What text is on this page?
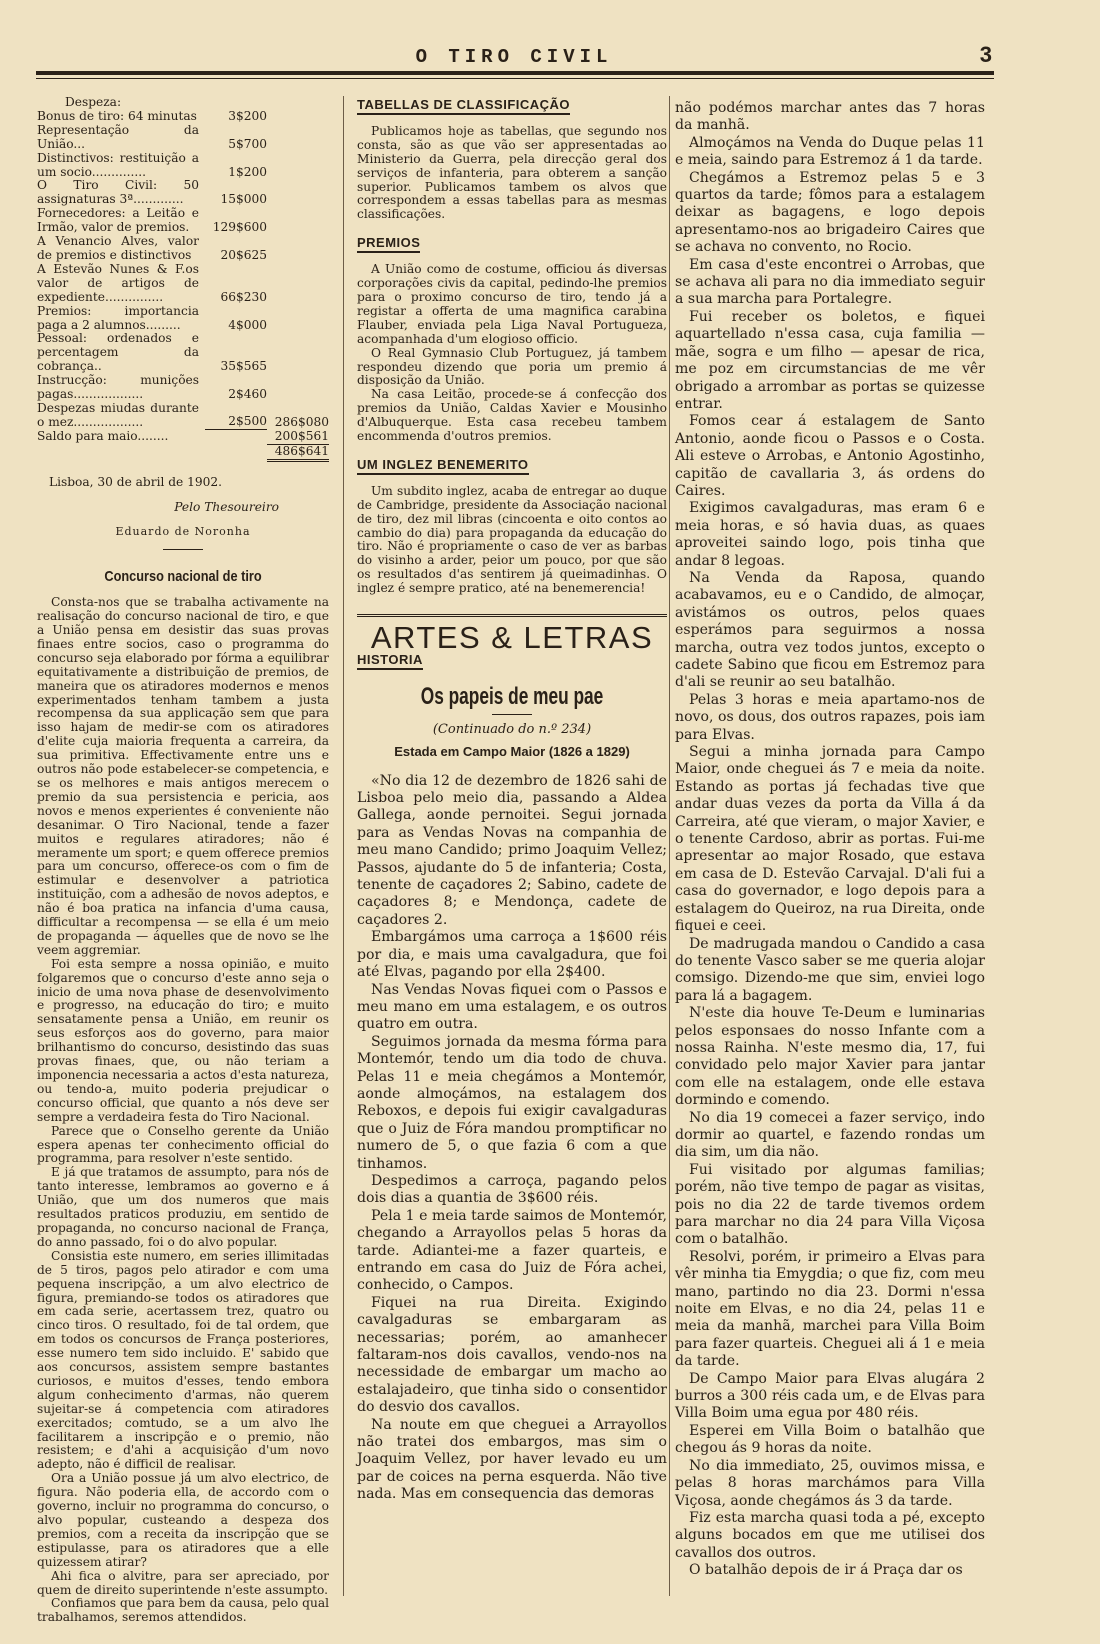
O TIRO CIVIL	3
Despeza:
Bonus de tiro: 64 minutas	3$200	
Representação da União...	5$700	
Distinctivos: restituição a um socio..............	1$200	
O Tiro Civil: 50 assignaturas 3ª.............	15$000	
Fornecedores: a Leitão e Irmão, valor de premios.	129$600	
A Venancio Alves, valor de premios e distinctivos	20$625	
A Estevão Nunes & F.os valor de artigos de expediente...............	66$230	
Premios: importancia paga a 2 alumnos.........	4$000	
Pessoal: ordenados e percentagem da cobrança..	35$565	
Instrucção: munições pagas..................	2$460	
Despezas miudas durante o mez..................	2$500	286$080
Saldo para maio........		200$561
		486$641
Lisboa, 30 de abril de 1902.
Pelo Thesoureiro
Eduardo de Noronha
Concurso nacional de tiro

Consta-nos que se trabalha activamente na realisação do concurso nacional de tiro, e que a União pensa em desistir das suas provas finaes entre socios, caso o programma do concurso seja elaborado por fórma a equilibrar equitativamente a distribuição de premios, de maneira que os atiradores modernos e menos experimentados tenham tambem a justa recompensa da sua applicação sem que para isso hajam de medir-se com os atiradores d'elite cuja maioria frequenta a carreira, da sua primitiva. Effectivamente entre uns e outros não pode estabelecer-se competencia, e se os melhores e mais antigos merecem o premio da sua persistencia e pericia, aos novos e menos experientes é conveniente não desanimar. O Tiro Nacional, tende a fazer muitos e regulares atiradores; não é meramente um sport; e quem offerece premios para um concurso, offerece-os com o fim de estimular e desenvolver a patriotica instituição, com a adhesão de novos adeptos, e não é boa pratica na infancia d'uma causa, difficultar a recompensa — se ella é um meio de propaganda — áquelles que de novo se lhe veem aggremiar.

Foi esta sempre a nossa opinião, e muito folgaremos que o concurso d'este anno seja o inicio de uma nova phase de desenvolvimento e progresso, na educação do tiro; e muito sensatamente pensa a União, em reunir os seus esforços aos do governo, para maior brilhantismo do concurso, desistindo das suas provas finaes, que, ou não teriam a imponencia necessaria a actos d'esta natureza, ou tendo-a, muito poderia prejudicar o concurso official, que quanto a nós deve ser sempre a verdadeira festa do Tiro Nacional.

Parece que o Conselho gerente da União espera apenas ter conhecimento official do programma, para resolver n'este sentido.

E já que tratamos de assumpto, para nós de tanto interesse, lembramos ao governo e á União, que um dos numeros que mais resultados praticos produziu, em sentido de propaganda, no concurso nacional de França, do anno passado, foi o do alvo popular.

Consistia este numero, em series illimitadas de 5 tiros, pagos pelo atirador e com uma pequena inscripção, a um alvo electrico de figura, premiando-se todos os atiradores que em cada serie, acertassem trez, quatro ou cinco tiros. O resultado, foi de tal ordem, que em todos os concursos de França posteriores, esse numero tem sido incluido. E' sabido que aos concursos, assistem sempre bastantes curiosos, e muitos d'esses, tendo embora algum conhecimento d'armas, não querem sujeitar-se á competencia com atiradores exercitados; comtudo, se a um alvo lhe facilitarem a inscripção e o premio, não resistem; e d'ahi a acquisição d'um novo adepto, não é difficil de realisar.

Ora a União possue já um alvo electrico, de figura. Não poderia ella, de accordo com o governo, incluir no programma do concurso, o alvo popular, custeando a despeza dos premios, com a receita da inscripção que se estipulasse, para os atiradores que a elle quizessem atirar?

Ahi fica o alvitre, para ser apreciado, por quem de direito superintende n'este assumpto.

Confiamos que para bem da causa, pelo qual trabalhamos, seremos attendidos.

TABELLAS DE CLASSIFICAÇÃO

Publicamos hoje as tabellas, que segundo nos consta, são as que vão ser appresentadas ao Ministerio da Guerra, pela direcção geral dos serviços de infanteria, para obterem a sanção superior. Publicamos tambem os alvos que correspondem a essas tabellas para as mesmas classificações.

PREMIOS

A União como de costume, officiou ás diversas corporações civis da capital, pedindo-lhe premios para o proximo concurso de tiro, tendo já a registar a offerta de uma magnifica carabina Flauber, enviada pela Liga Naval Portugueza, acompanhada d'um elogioso officio.

O Real Gymnasio Club Portuguez, já tambem respondeu dizendo que poria um premio á disposição da União.

Na casa Leitão, procede-se á confecção dos premios da União, Caldas Xavier e Mousinho d'Albuquerque. Esta casa recebeu tambem encommenda d'outros premios.

UM INGLEZ BENEMERITO

Um subdito inglez, acaba de entregar ao duque de Cambridge, presidente da Associação nacional de tiro, dez mil libras (cincoenta e oito contos ao cambio do dia) para propaganda da educação do tiro. Não é propriamente o caso de ver as barbas do visinho a arder, peior um pouco, por que são os resultados d'as sentirem já queimadinhas. O inglez é sempre pratico, até na benemerencia!

ARTES & LETRAS
HISTORIA
Os papeis de meu pae
(Continuado do n.º 234)
Estada em Campo Maior (1826 a 1829)

«No dia 12 de dezembro de 1826 sahi de Lisboa pelo meio dia, passando a Aldea Gallega, aonde pernoitei. Segui jornada para as Vendas Novas na companhia de meu mano Candido; primo Joaquim Vellez; Passos, ajudante do 5 de infanteria; Costa, tenente de caçadores 2; Sabino, cadete de caçadores 8; e Mendonça, cadete de caçadores 2.

Embargámos uma carroça a 1$600 réis por dia, e mais uma cavalgadura, que foi até Elvas, pagando por ella 2$400.

Nas Vendas Novas fiquei com o Passos e meu mano em uma estalagem, e os outros quatro em outra.

Seguimos jornada da mesma fórma para Montemór, tendo um dia todo de chuva. Pelas 11 e meia chegámos a Montemór, aonde almoçámos, na estalagem dos Reboxos, e depois fui exigir cavalgaduras que o Juiz de Fóra mandou promptificar no numero de 5, o que fazia 6 com a que tinhamos.

Despedimos a carroça, pagando pelos dois dias a quantia de 3$600 réis.

Pela 1 e meia tarde saimos de Montemór, chegando a Arrayollos pelas 5 horas da tarde. Adiantei-me a fazer quarteis, e entrando em casa do Juiz de Fóra achei, conhecido, o Campos.

Fiquei na rua Direita. Exigindo cavalgaduras se embargaram as necessarias; porém, ao amanhecer faltaram-nos dois cavallos, vendo-nos na necessidade de embargar um macho ao estalajadeiro, que tinha sido o consentidor do desvio dos cavallos.

Na noute em que cheguei a Arrayollos não tratei dos embargos, mas sim o Joaquim Vellez, por haver levado eu um par de coices na perna esquerda. Não tive nada. Mas em consequencia das demoras

não podémos marchar antes das 7 horas da manhã.

Almoçámos na Venda do Duque pelas 11 e meia, saindo para Estremoz á 1 da tarde.

Chegámos a Estremoz pelas 5 e 3 quartos da tarde; fômos para a estalagem deixar as bagagens, e logo depois apresentamo-nos ao brigadeiro Caires que se achava no convento, no Rocio.

Em casa d'este encontrei o Arrobas, que se achava ali para no dia immediato seguir a sua marcha para Portalegre.

Fui receber os boletos, e fiquei aquartellado n'essa casa, cuja familia — mãe, sogra e um filho — apesar de rica, me poz em circumstancias de me vêr obrigado a arrombar as portas se quizesse entrar.

Fomos cear á estalagem de Santo Antonio, aonde ficou o Passos e o Costa. Ali esteve o Arrobas, e Antonio Agostinho, capitão de cavallaria 3, ás ordens do Caires.

Exigimos cavalgaduras, mas eram 6 e meia horas, e só havia duas, as quaes aproveitei saindo logo, pois tinha que andar 8 legoas.

Na Venda da Raposa, quando acabavamos, eu e o Candido, de almoçar, avistámos os outros, pelos quaes esperámos para seguirmos a nossa marcha, outra vez todos juntos, excepto o cadete Sabino que ficou em Estremoz para d'ali se reunir ao seu batalhão.

Pelas 3 horas e meia apartamo-nos de novo, os dous, dos outros rapazes, pois iam para Elvas.

Segui a minha jornada para Campo Maior, onde cheguei ás 7 e meia da noite. Estando as portas já fechadas tive que andar duas vezes da porta da Villa á da Carreira, até que vieram, o major Xavier, e o tenente Cardoso, abrir as portas. Fui-me apresentar ao major Rosado, que estava em casa de D. Estevão Carvajal. D'ali fui a casa do governador, e logo depois para a estalagem do Queiroz, na rua Direita, onde fiquei e ceei.

De madrugada mandou o Candido a casa do tenente Vasco saber se me queria alojar comsigo. Dizendo-me que sim, enviei logo para lá a bagagem.

N'este dia houve Te-Deum e luminarias pelos esponsaes do nosso Infante com a nossa Rainha. N'este mesmo dia, 17, fui convidado pelo major Xavier para jantar com elle na estalagem, onde elle estava dormindo e comendo.

No dia 19 comecei a fazer serviço, indo dormir ao quartel, e fazendo rondas um dia sim, um dia não.

Fui visitado por algumas familias; porém, não tive tempo de pagar as visitas, pois no dia 22 de tarde tivemos ordem para marchar no dia 24 para Villa Viçosa com o batalhão.

Resolvi, porém, ir primeiro a Elvas para vêr minha tia Emygdia; o que fiz, com meu mano, partindo no dia 23. Dormi n'essa noite em Elvas, e no dia 24, pelas 11 e meia da manhã, marchei para Villa Boim para fazer quarteis. Cheguei ali á 1 e meia da tarde.

De Campo Maior para Elvas alugára 2 burros a 300 réis cada um, e de Elvas para Villa Boim uma egua por 480 réis.

Esperei em Villa Boim o batalhão que chegou ás 9 horas da noite.

No dia immediato, 25, ouvimos missa, e pelas 8 horas marchámos para Villa Viçosa, aonde chegámos ás 3 da tarde.

Fiz esta marcha quasi toda a pé, excepto alguns bocados em que me utilisei dos cavallos dos outros.

O batalhão depois de ir á Praça dar os
